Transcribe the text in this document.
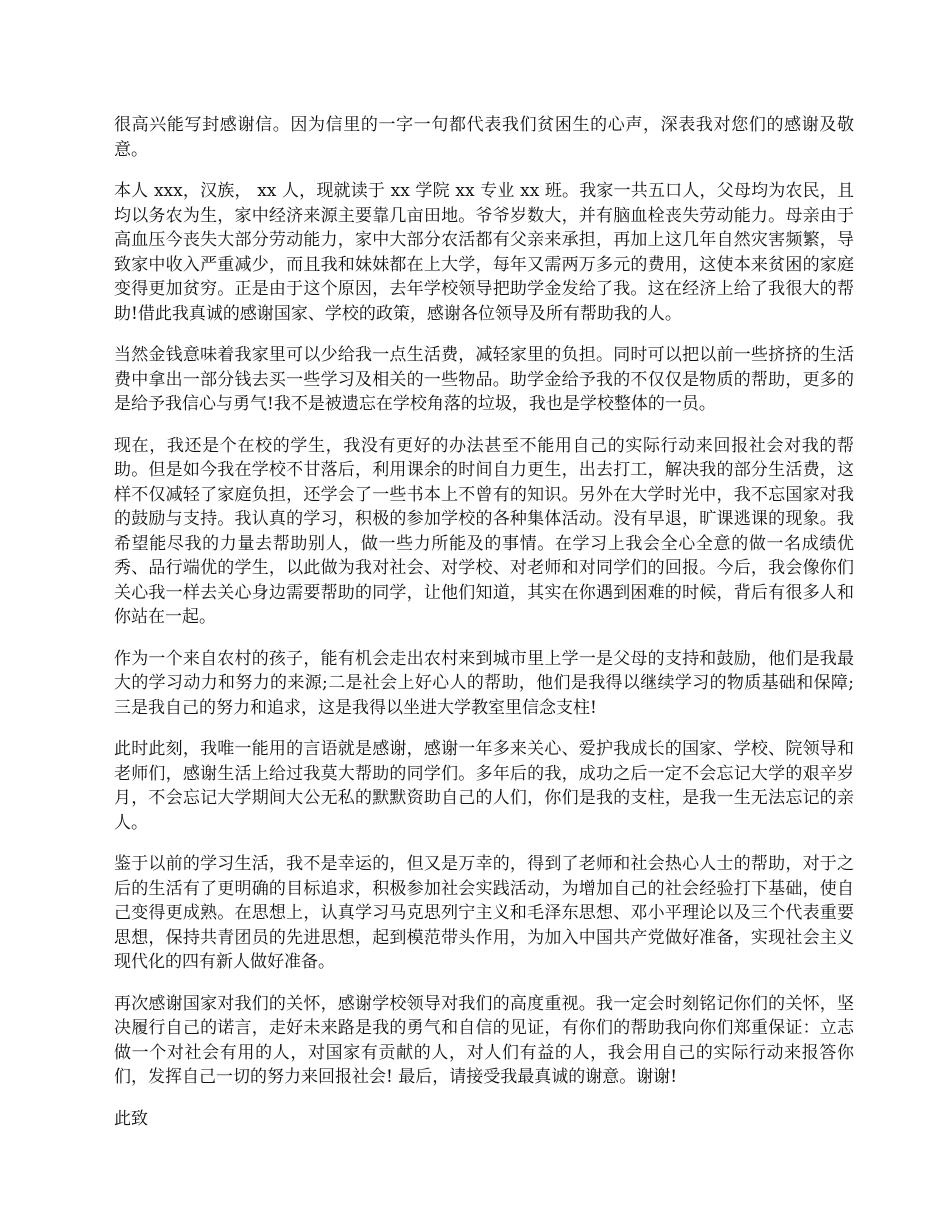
很高兴能写封感谢信。因为信里的一字一句都代表我们贫困生的心声，深表我对您们的感谢及敬意。

本人 xxx，汉族， xx 人，现就读于 xx 学院 xx 专业 xx 班。我家一共五口人，父母均为农民，且均以务农为生，家中经济来源主要靠几亩田地。爷爷岁数大，并有脑血栓丧失劳动能力。母亲由于高血压今丧失大部分劳动能力，家中大部分农活都有父亲来承担，再加上这几年自然灾害频繁，导致家中收入严重减少，而且我和妹妹都在上大学，每年又需两万多元的费用，这使本来贫困的家庭变得更加贫穷。正是由于这个原因，去年学校领导把助学金发给了我。这在经济上给了我很大的帮助!借此我真诚的感谢国家、学校的政策，感谢各位领导及所有帮助我的人。

当然金钱意味着我家里可以少给我一点生活费，减轻家里的负担。同时可以把以前一些挤挤的生活费中拿出一部分钱去买一些学习及相关的一些物品。助学金给予我的不仅仅是物质的帮助，更多的是给予我信心与勇气!我不是被遗忘在学校角落的垃圾，我也是学校整体的一员。

现在，我还是个在校的学生，我没有更好的办法甚至不能用自己的实际行动来回报社会对我的帮助。但是如今我在学校不甘落后，利用课余的时间自力更生，出去打工，解决我的部分生活费，这样不仅减轻了家庭负担，还学会了一些书本上不曾有的知识。另外在大学时光中，我不忘国家对我的鼓励与支持。我认真的学习，积极的参加学校的各种集体活动。没有早退，旷课逃课的现象。我希望能尽我的力量去帮助别人，做一些力所能及的事情。在学习上我会全心全意的做一名成绩优秀、品行端优的学生，以此做为我对社会、对学校、对老师和对同学们的回报。今后，我会像你们关心我一样去关心身边需要帮助的同学，让他们知道，其实在你遇到困难的时候，背后有很多人和你站在一起。

作为一个来自农村的孩子，能有机会走出农村来到城市里上学一是父母的支持和鼓励，他们是我最大的学习动力和努力的来源;二是社会上好心人的帮助，他们是我得以继续学习的物质基础和保障;三是我自己的努力和追求，这是我得以坐进大学教室里信念支柱!

此时此刻，我唯一能用的言语就是感谢，感谢一年多来关心、爱护我成长的国家、学校、院领导和老师们，感谢生活上给过我莫大帮助的同学们。多年后的我，成功之后一定不会忘记大学的艰辛岁月，不会忘记大学期间大公无私的默默资助自己的人们，你们是我的支柱，是我一生无法忘记的亲人。

鉴于以前的学习生活，我不是幸运的，但又是万幸的，得到了老师和社会热心人士的帮助，对于之后的生活有了更明确的目标追求，积极参加社会实践活动，为增加自己的社会经验打下基础，使自己变得更成熟。在思想上，认真学习马克思列宁主义和毛泽东思想、邓小平理论以及三个代表重要思想，保持共青团员的先进思想，起到模范带头作用，为加入中国共产党做好准备，实现社会主义现代化的四有新人做好准备。

再次感谢国家对我们的关怀，感谢学校领导对我们的高度重视。我一定会时刻铭记你们的关怀，坚决履行自己的诺言，走好未来路是我的勇气和自信的见证，有你们的帮助我向你们郑重保证：立志做一个对社会有用的人，对国家有贡献的人，对人们有益的人，我会用自己的实际行动来报答你们，发挥自己一切的努力来回报社会! 最后，请接受我最真诚的谢意。谢谢!

此致
